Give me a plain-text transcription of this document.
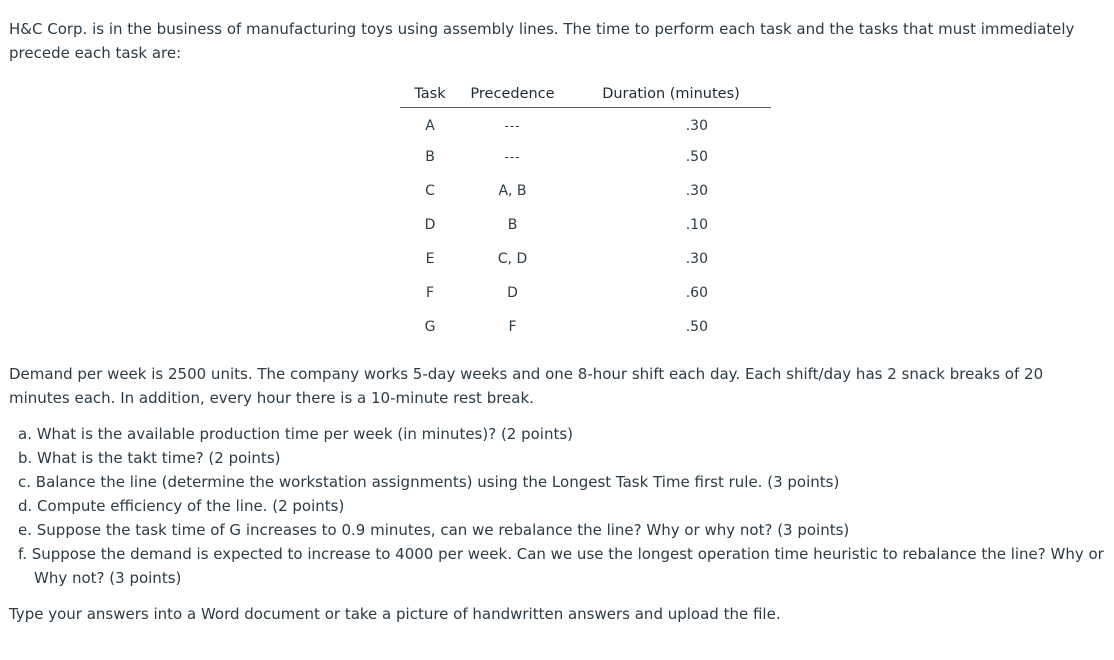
H&C Corp. is in the business of manufacturing toys using assembly lines. The time to perform each task and the tasks that must immediately precede each task are:
Task	Precedence	Duration (minutes)
A	---	.30
B	---	.50
C	A, B	.30
D	B	.10
E	C, D	.30
F	D	.60
G	F	.50
Demand per week is 2500 units. The company works 5-day weeks and one 8-hour shift each day. Each shift/day has 2 snack breaks of 20 minutes each. In addition, every hour there is a 10-minute rest break.
a. What is the available production time per week (in minutes)? (2 points)
b. What is the takt time? (2 points)
c. Balance the line (determine the workstation assignments) using the Longest Task Time first rule. (3 points)
d. Compute efficiency of the line. (2 points)
e. Suppose the task time of G increases to 0.9 minutes, can we rebalance the line? Why or why not? (3 points)
f. Suppose the demand is expected to increase to 4000 per week. Can we use the longest operation time heuristic to rebalance the line? Why or Why not? (3 points)
Type your answers into a Word document or take a picture of handwritten answers and upload the file.
